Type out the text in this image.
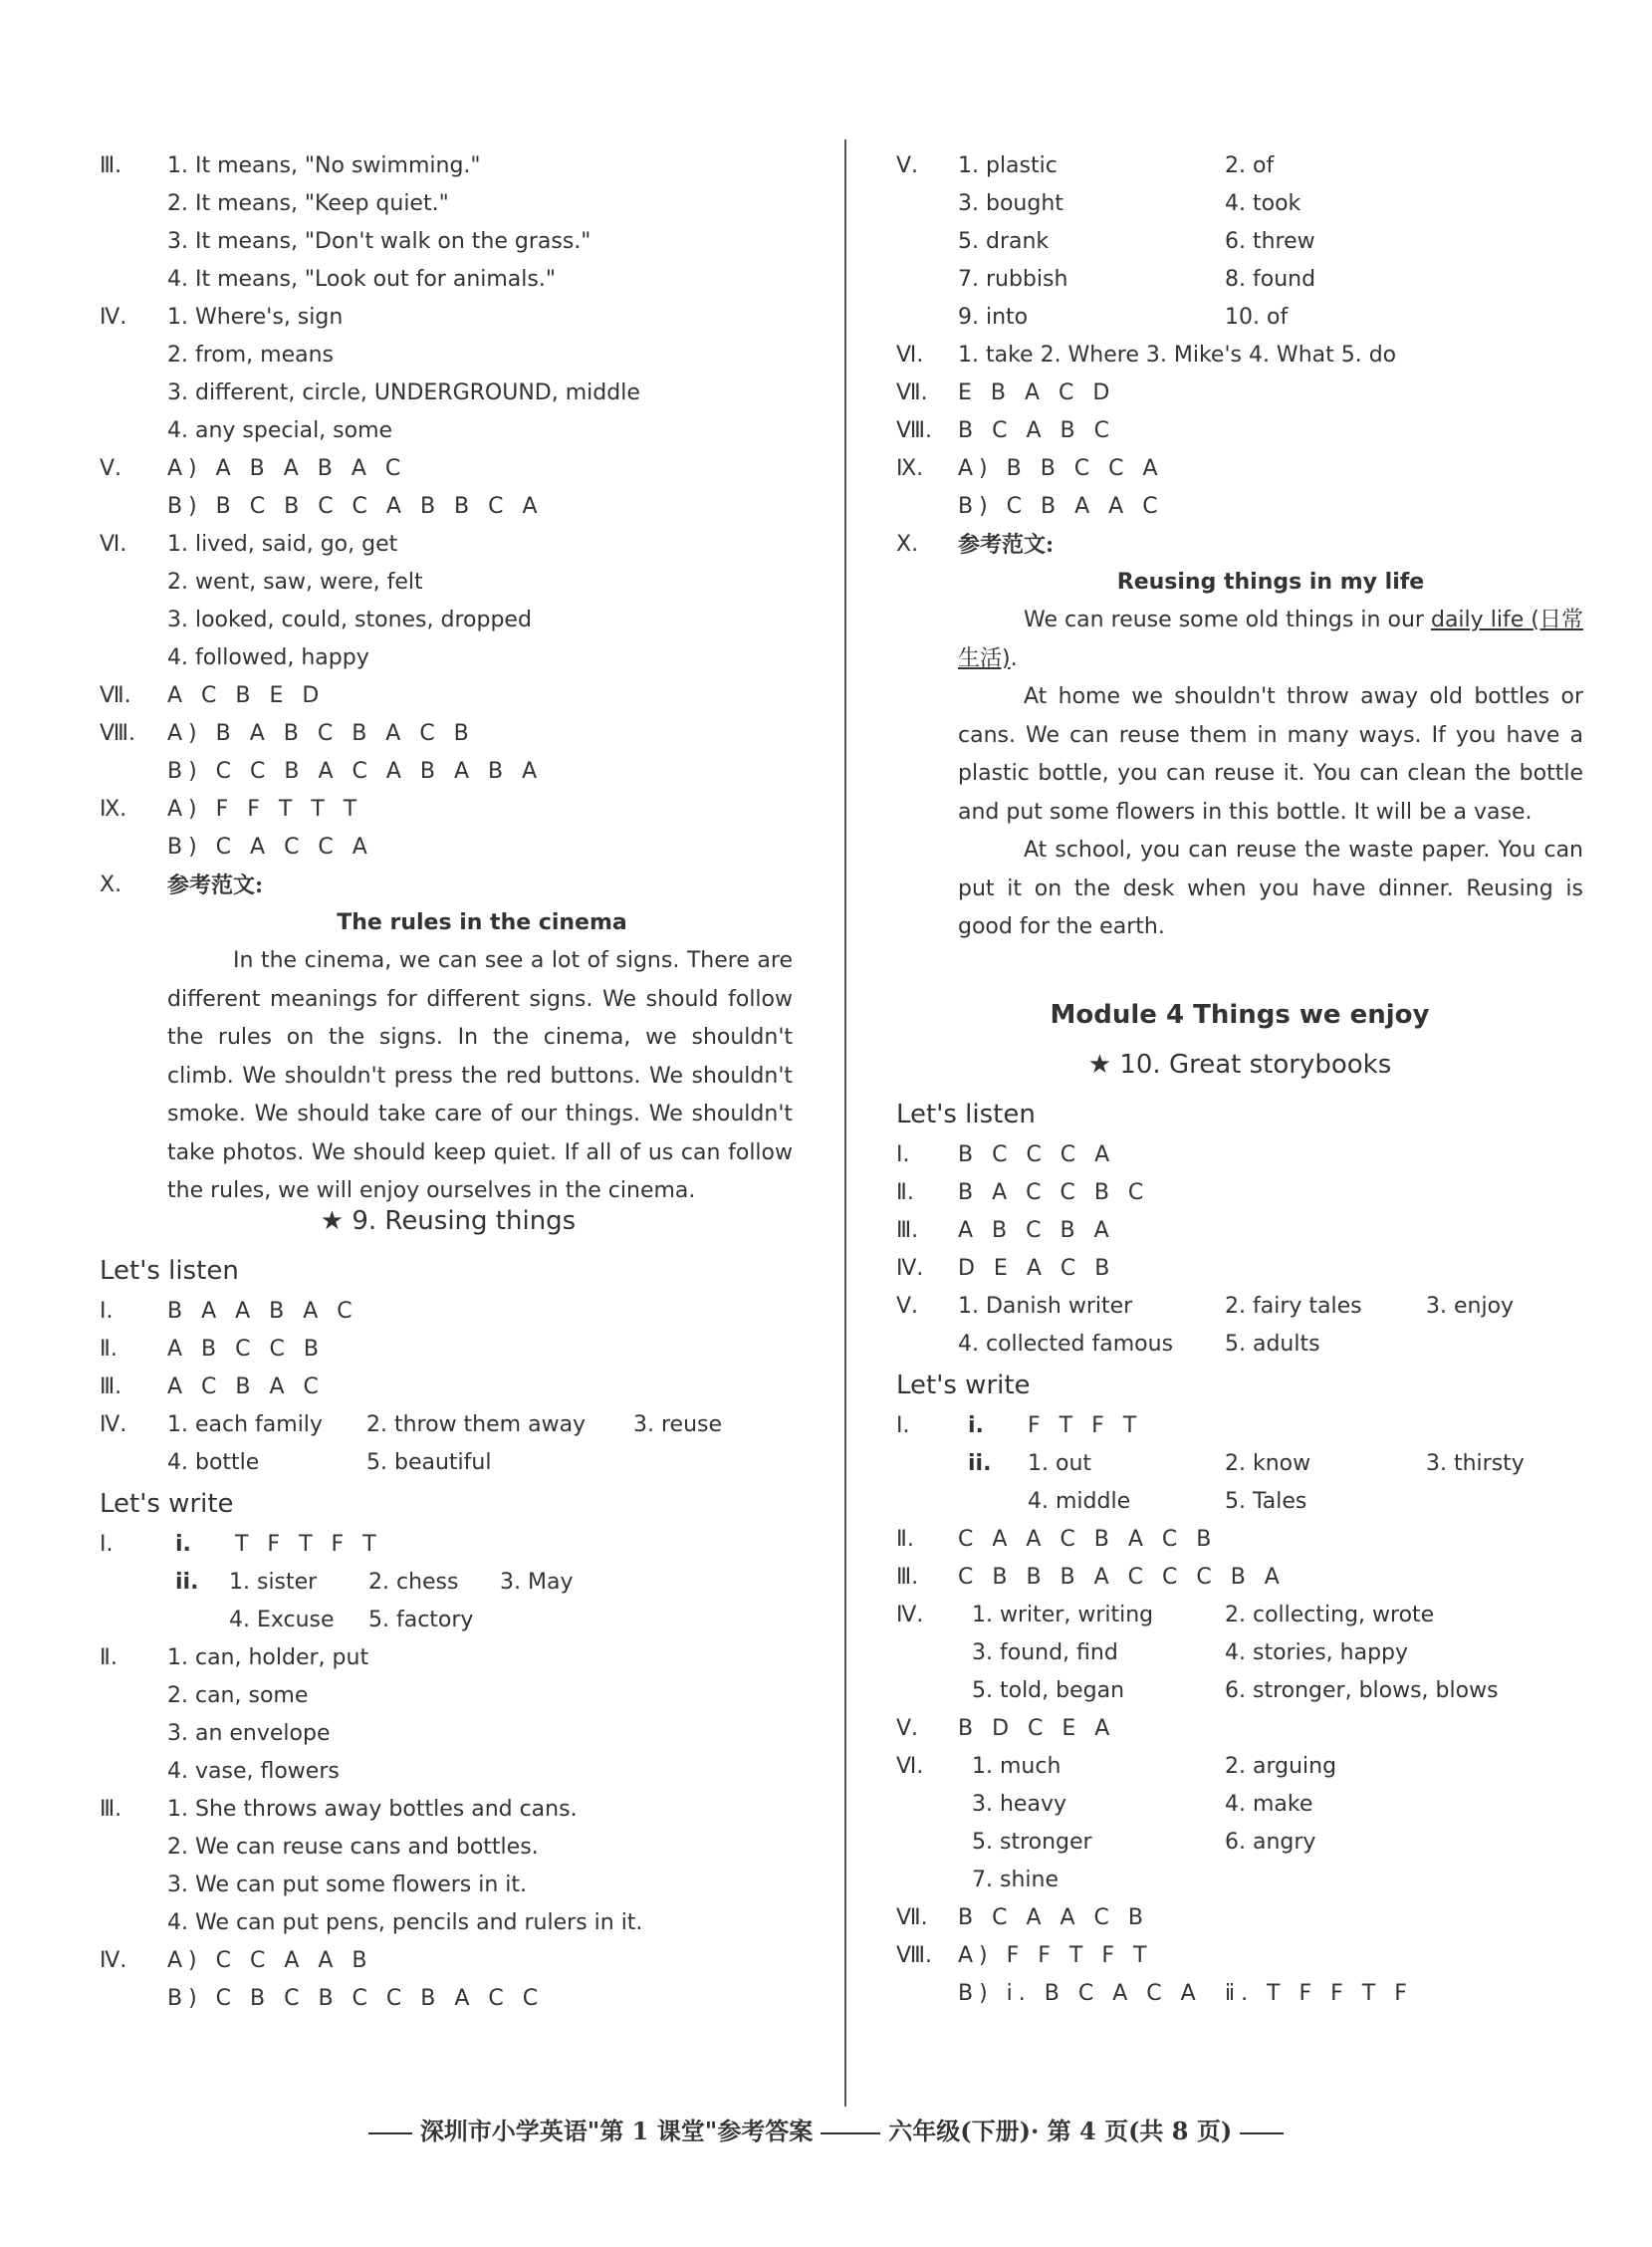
Ⅲ.	1. It means, "No swimming."
2. It means, "Keep quiet."
3. It means, "Don't walk on the grass."
4. It means, "Look out for animals."
Ⅳ.	1. Where's, sign
2. from, means
3. different, circle, UNDERGROUND, middle
4. any special, some
Ⅴ.	A) A B A B A C
B) B C B C C A B B C A
Ⅵ.	1. lived, said, go, get
2. went, saw, were, felt
3. looked, could, stones, dropped
4. followed, happy
Ⅶ.	A C B E D
Ⅷ.	A) B A B C B A C B
B) C C B A C A B A B A
Ⅸ.	A) F F T T T
B) C A C C A
Ⅹ.	参考范文:
The rules in the cinema
In the cinema, we can see a lot of signs. There are different meanings for different signs. We should follow the rules on the signs. In the cinema, we shouldn't climb. We shouldn't press the red buttons. We shouldn't smoke. We should take care of our things. We shouldn't take photos. We should keep quiet. If all of us can follow the rules, we will enjoy ourselves in the cinema.
★ 9. Reusing things
Let's listen
Ⅰ.	B A A B A C
Ⅱ.	A B C C B
Ⅲ.	A C B A C
Ⅳ.	1. each family 2. throw them away 3. reuse
4. bottle	5. beautiful
Let's write
Ⅰ.	i. T F T F T
ii. 1. sister 2. chess 3. May
4. Excuse 5. factory
Ⅱ.	1. can, holder, put
2. can, some
3. an envelope
4. vase, flowers
Ⅲ.	1. She throws away bottles and cans.
2. We can reuse cans and bottles.
3. We can put some flowers in it.
4. We can put pens, pencils and rulers in it.
Ⅳ.	A) C C A A B
B) C B C B C C B A C C
Ⅴ.	1. plastic	2. of
3. bought	4. took
5. drank	6. threw
7. rubbish	8. found
9. into	10. of
Ⅵ.	1. take 2. Where 3. Mike's 4. What 5. do
Ⅶ.	E B A C D
Ⅷ.	B C A B C
Ⅸ.	A) B B C C A
B) C B A A C
Ⅹ.	参考范文:
Reusing things in my life
We can reuse some old things in our daily life (日常生活).
At home we shouldn't throw away old bottles or cans. We can reuse them in many ways. If you have a plastic bottle, you can reuse it. You can clean the bottle and put some flowers in this bottle. It will be a vase.
At school, you can reuse the waste paper. You can put it on the desk when you have dinner. Reusing is good for the earth.
Module 4 Things we enjoy
★ 10. Great storybooks
Let's listen
Ⅰ.	B C C C A
Ⅱ.	B A C C B C
Ⅲ.	A B C B A
Ⅳ.	D E A C B
Ⅴ.	1. Danish writer	2. fairy tales	3. enjoy
4. collected famous 5. adults
Let's write
Ⅰ.	i. F T F T
ii. 1. out	2. know	3. thirsty
4. middle	5. Tales
Ⅱ.	C A A C B A C B
Ⅲ.	C B B B A C C C B A
Ⅳ.	1. writer, writing	2. collecting, wrote
3. found, find	4. stories, happy
5. told, began	6. stronger, blows, blows
Ⅴ.	B D C E A
Ⅵ.	1. much	2. arguing
3. heavy	4. make
5. stronger	6. angry
7. shine
Ⅶ.	B C A A C B
Ⅷ.	A) F F T F T
B) ⅰ. B C A C A ⅱ. T F F T F
深圳市小学英语"第 1 课堂"参考答案	六年级(下册)· 第 4 页(共 8 页)
